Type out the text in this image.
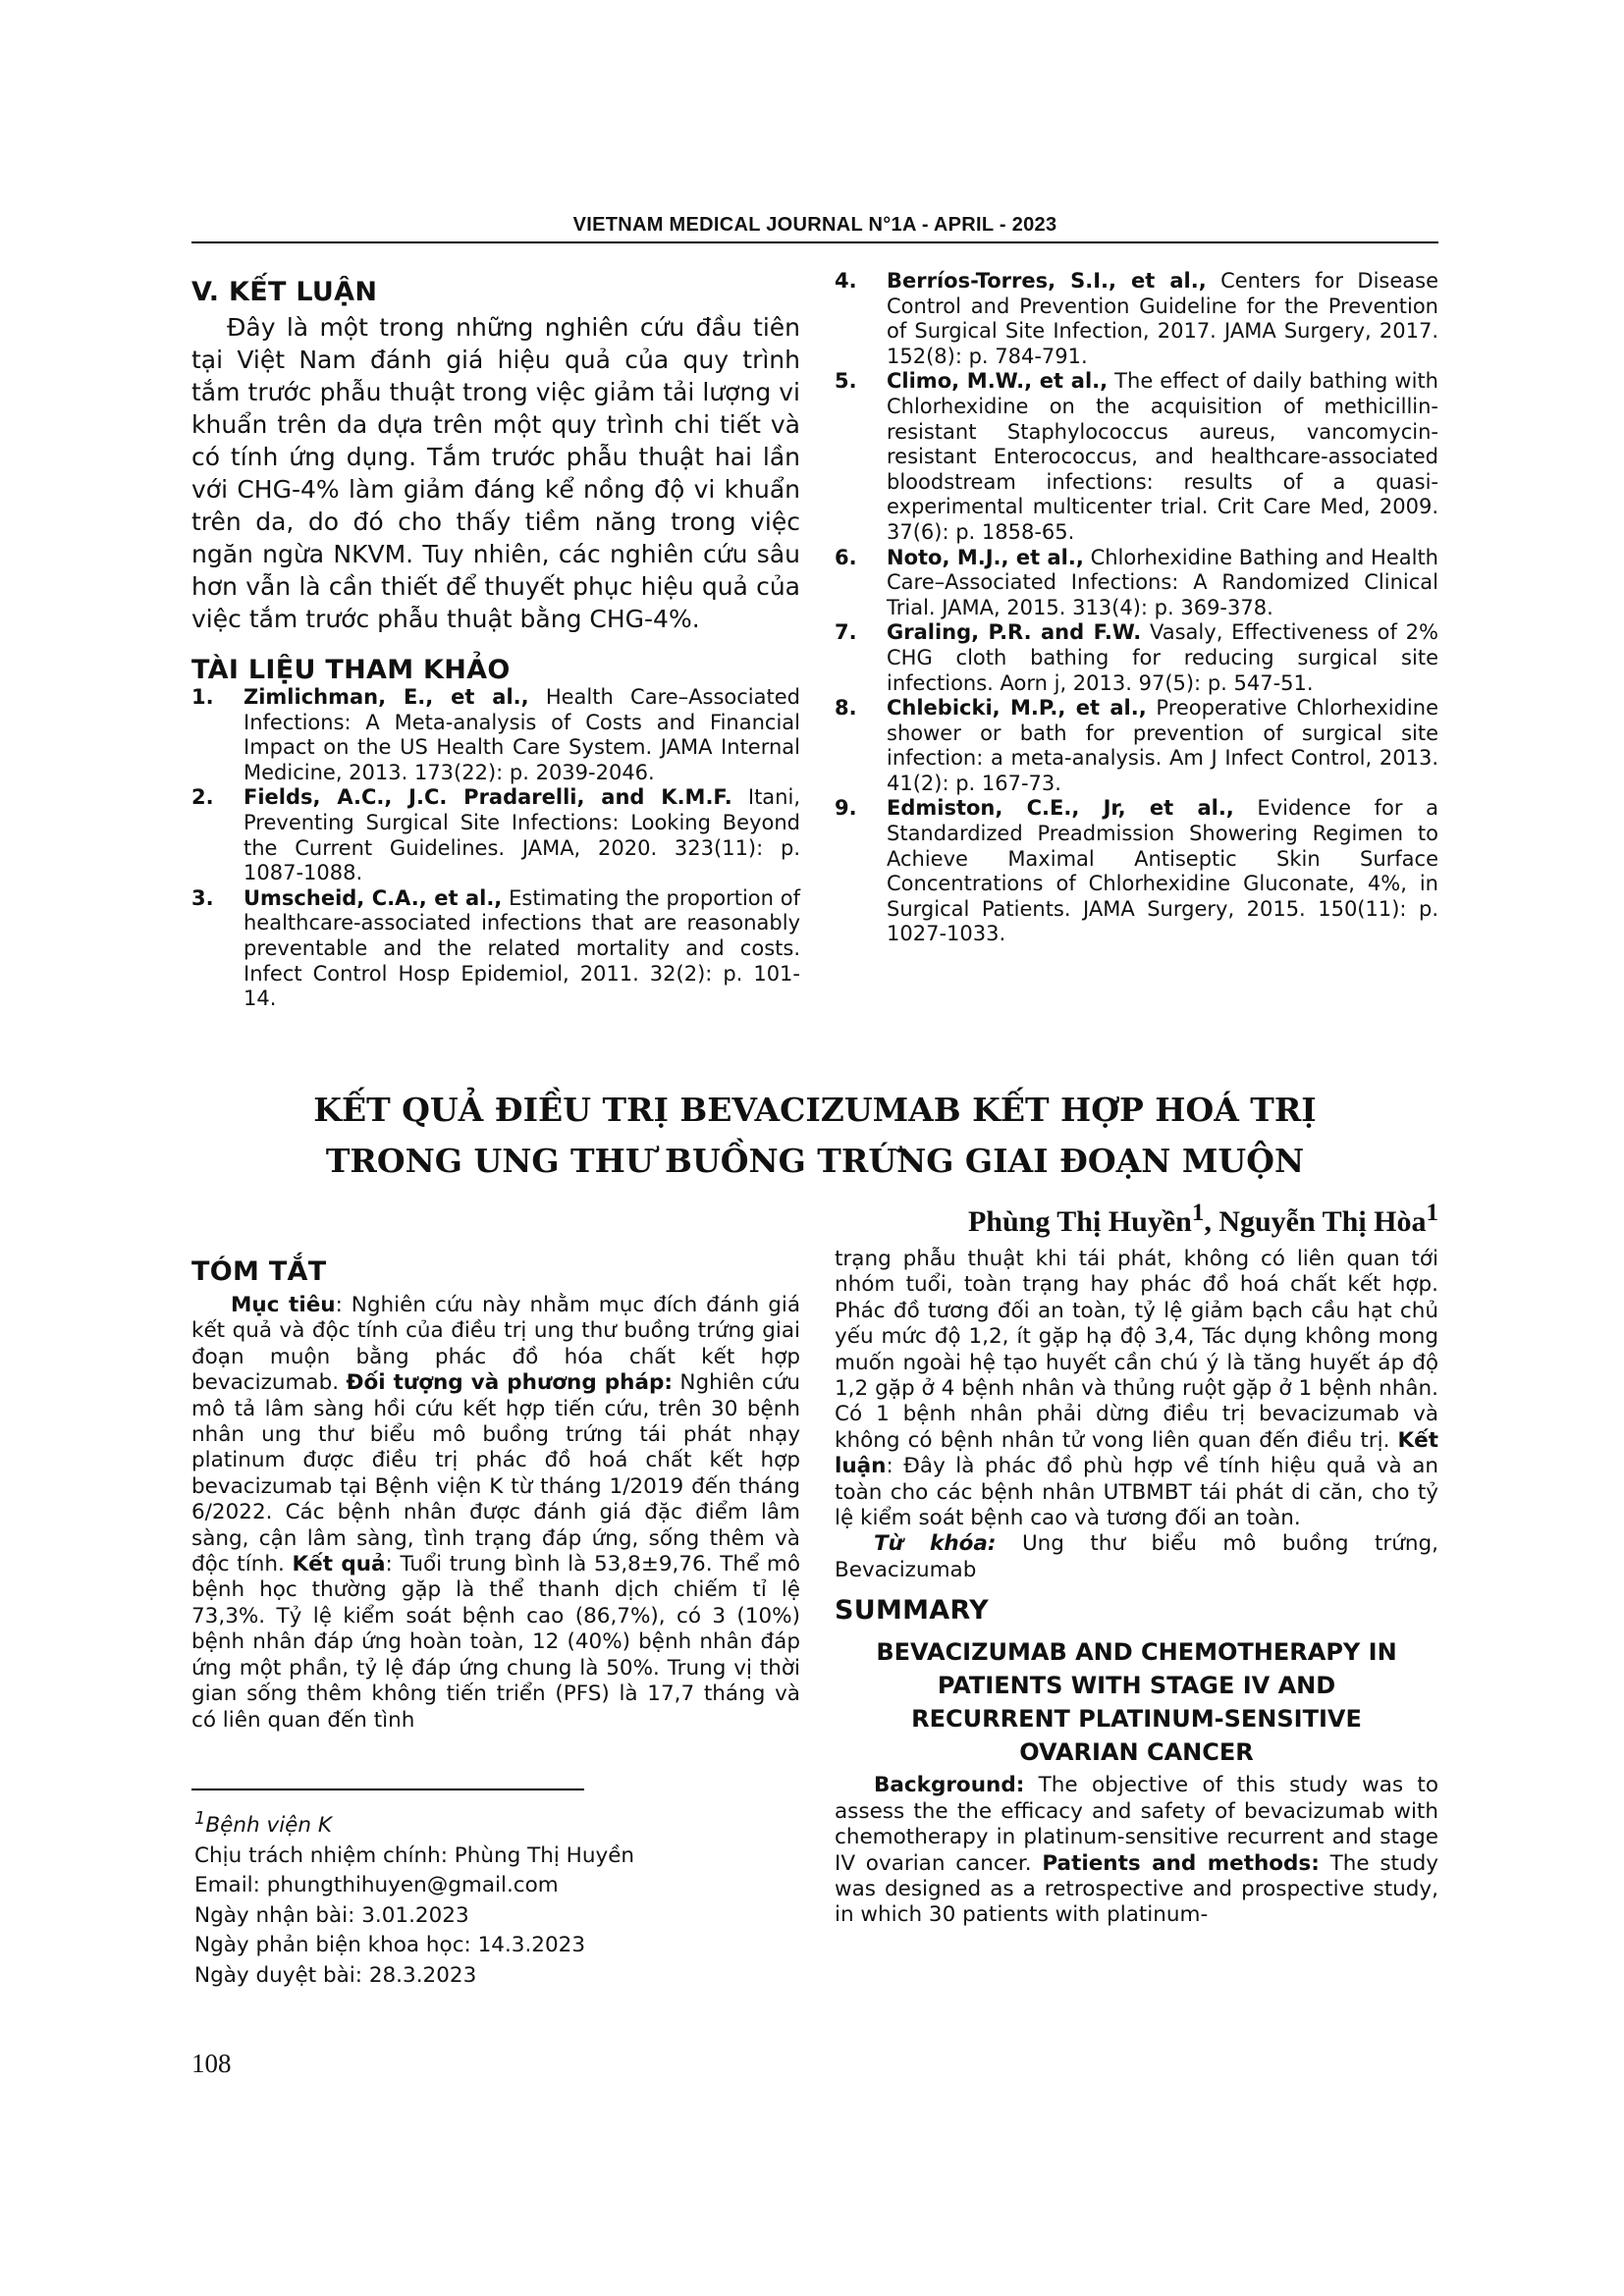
VIETNAM MEDICAL JOURNAL N°1A - APRIL - 2023
V. KẾT LUẬN

Đây là một trong những nghiên cứu đầu tiên tại Việt Nam đánh giá hiệu quả của quy trình tắm trước phẫu thuật trong việc giảm tải lượng vi khuẩn trên da dựa trên một quy trình chi tiết và có tính ứng dụng. Tắm trước phẫu thuật hai lần với CHG-4% làm giảm đáng kể nồng độ vi khuẩn trên da, do đó cho thấy tiềm năng trong việc ngăn ngừa NKVM. Tuy nhiên, các nghiên cứu sâu hơn vẫn là cần thiết để thuyết phục hiệu quả của việc tắm trước phẫu thuật bằng CHG-4%.

TÀI LIỆU THAM KHẢO
1.	Zimlichman, E., et al., Health Care–Associated Infections: A Meta-analysis of Costs and Financial Impact on the US Health Care System. JAMA Internal Medicine, 2013. 173(22): p. 2039-2046.
2.	Fields, A.C., J.C. Pradarelli, and K.M.F. Itani, Preventing Surgical Site Infections: Looking Beyond the Current Guidelines. JAMA, 2020. 323(11): p. 1087-1088.
3.	Umscheid, C.A., et al., Estimating the proportion of healthcare-associated infections that are reasonably preventable and the related mortality and costs. Infect Control Hosp Epidemiol, 2011. 32(2): p. 101-14.
4.	Berríos-Torres, S.I., et al., Centers for Disease Control and Prevention Guideline for the Prevention of Surgical Site Infection, 2017. JAMA Surgery, 2017. 152(8): p. 784-791.
5.	Climo, M.W., et al., The effect of daily bathing with Chlorhexidine on the acquisition of methicillin-resistant Staphylococcus aureus, vancomycin-resistant Enterococcus, and healthcare-associated bloodstream infections: results of a quasi-experimental multicenter trial. Crit Care Med, 2009. 37(6): p. 1858-65.
6.	Noto, M.J., et al., Chlorhexidine Bathing and Health Care–Associated Infections: A Randomized Clinical Trial. JAMA, 2015. 313(4): p. 369-378.
7.	Graling, P.R. and F.W. Vasaly, Effectiveness of 2% CHG cloth bathing for reducing surgical site infections. Aorn j, 2013. 97(5): p. 547-51.
8.	Chlebicki, M.P., et al., Preoperative Chlorhexidine shower or bath for prevention of surgical site infection: a meta-analysis. Am J Infect Control, 2013. 41(2): p. 167-73.
9.	Edmiston, C.E., Jr, et al., Evidence for a Standardized Preadmission Showering Regimen to Achieve Maximal Antiseptic Skin Surface Concentrations of Chlorhexidine Gluconate, 4%, in Surgical Patients. JAMA Surgery, 2015. 150(11): p. 1027-1033.
KẾT QUẢ ĐIỀU TRỊ BEVACIZUMAB KẾT HỢP HOÁ TRỊ
TRONG UNG THƯ BUỒNG TRỨNG GIAI ĐOẠN MUỘN
Phùng Thị Huyền$^1$, Nguyễn Thị Hòa$^1$
TÓM TẮT

Mục tiêu: Nghiên cứu này nhằm mục đích đánh giá kết quả và độc tính của điều trị ung thư buồng trứng giai đoạn muộn bằng phác đồ hóa chất kết hợp bevacizumab. Đối tượng và phương pháp: Nghiên cứu mô tả lâm sàng hồi cứu kết hợp tiến cứu, trên 30 bệnh nhân ung thư biểu mô buồng trứng tái phát nhạy platinum được điều trị phác đồ hoá chất kết hợp bevacizumab tại Bệnh viện K từ tháng 1/2019 đến tháng 6/2022. Các bệnh nhân được đánh giá đặc điểm lâm sàng, cận lâm sàng, tình trạng đáp ứng, sống thêm và độc tính. Kết quả: Tuổi trung bình là 53,8±9,76. Thể mô bệnh học thường gặp là thể thanh dịch chiếm tỉ lệ 73,3%. Tỷ lệ kiểm soát bệnh cao (86,7%), có 3 (10%) bệnh nhân đáp ứng hoàn toàn, 12 (40%) bệnh nhân đáp ứng một phần, tỷ lệ đáp ứng chung là 50%. Trung vị thời gian sống thêm không tiến triển (PFS) là 17,7 tháng và có liên quan đến tình

trạng phẫu thuật khi tái phát, không có liên quan tới nhóm tuổi, toàn trạng hay phác đồ hoá chất kết hợp. Phác đồ tương đối an toàn, tỷ lệ giảm bạch cầu hạt chủ yếu mức độ 1,2, ít gặp hạ độ 3,4, Tác dụng không mong muốn ngoài hệ tạo huyết cần chú ý là tăng huyết áp độ 1,2 gặp ở 4 bệnh nhân và thủng ruột gặp ở 1 bệnh nhân. Có 1 bệnh nhân phải dừng điều trị bevacizumab và không có bệnh nhân tử vong liên quan đến điều trị. Kết luận: Đây là phác đồ phù hợp về tính hiệu quả và an toàn cho các bệnh nhân UTBMBT tái phát di căn, cho tỷ lệ kiểm soát bệnh cao và tương đối an toàn.

Từ khóa: Ung thư biểu mô buồng trứng, Bevacizumab

SUMMARY
BEVACIZUMAB AND CHEMOTHERAPY IN
PATIENTS WITH STAGE IV AND
RECURRENT PLATINUM-SENSITIVE
OVARIAN CANCER

Background: The objective of this study was to assess the the efficacy and safety of bevacizumab with chemotherapy in platinum-sensitive recurrent and stage IV ovarian cancer. Patients and methods: The study was designed as a retrospective and prospective study, in which 30 patients with platinum-

$^1$Bệnh viện K

Chịu trách nhiệm chính: Phùng Thị Huyền

Email: phungthihuyen@gmail.com

Ngày nhận bài: 3.01.2023

Ngày phản biện khoa học: 14.3.2023

Ngày duyệt bài: 28.3.2023

108
